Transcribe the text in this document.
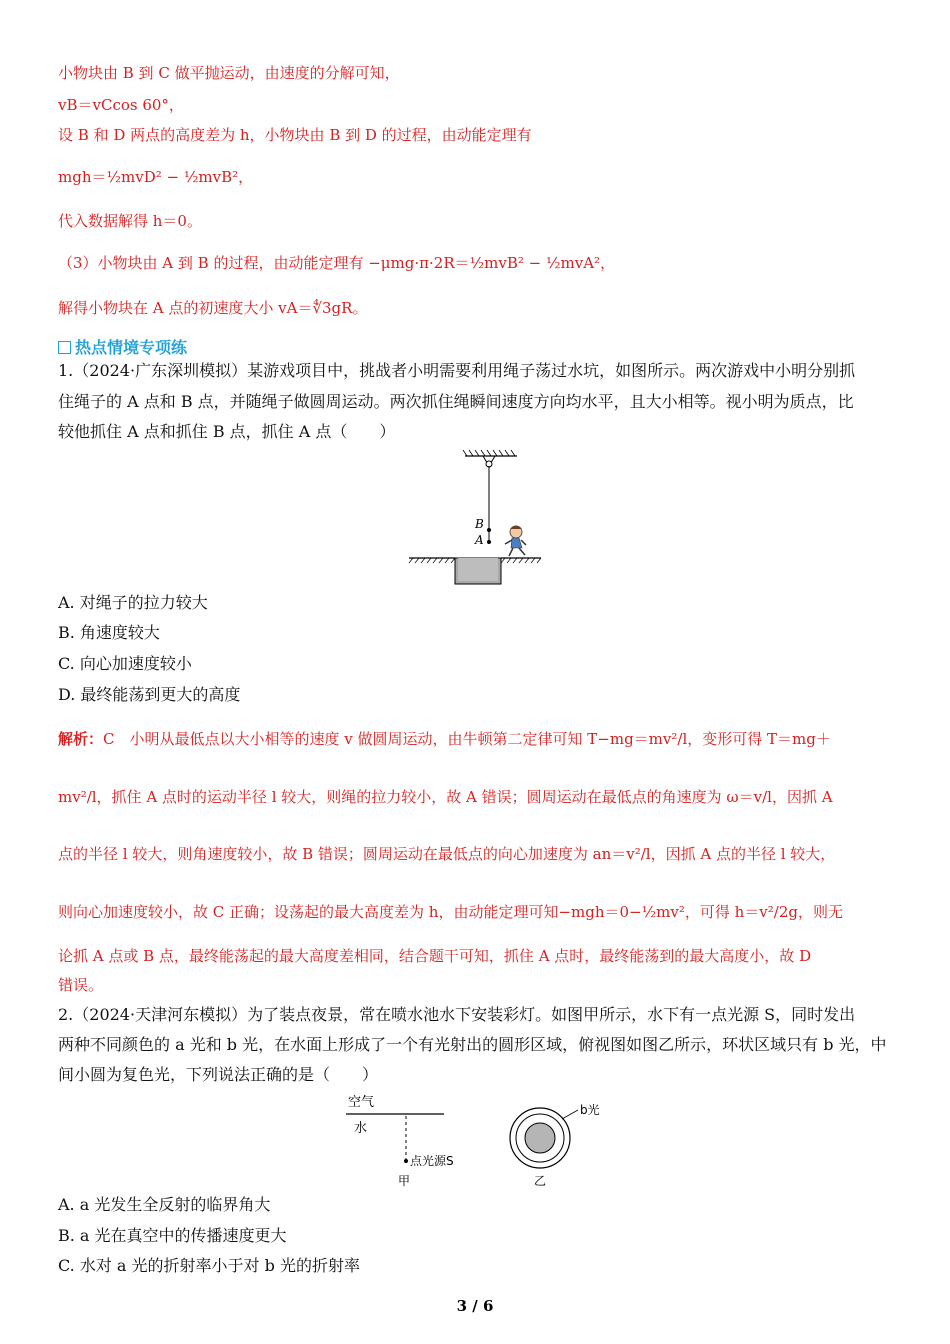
小物块由 B 到 C 做平抛运动，由速度的分解可知，
vB＝vCcos 60°，
设 B 和 D 两点的高度差为 h，小物块由 B 到 D 的过程，由动能定理有
mgh＝½mvD² − ½mvB²，
代入数据解得 h＝0。
（3）小物块由 A 到 B 的过程，由动能定理有 −μmg·π·2R＝½mvB² − ½mvA²，
解得小物块在 A 点的初速度大小 vA＝∜3gR。
热点情境专项练
1.（2024·广东深圳模拟）某游戏项目中，挑战者小明需要利用绳子荡过水坑，如图所示。两次游戏中小明分别抓
住绳子的 A 点和 B 点，并随绳子做圆周运动。两次抓住绳瞬间速度方向均水平，且大小相等。视小明为质点，比
较他抓住 A 点和抓住 B 点，抓住 A 点（　　）
B
A
A. 对绳子的拉力较大
B. 角速度较大
C. 向心加速度较小
D. 最终能荡到更大的高度
解析：C　小明从最低点以大小相等的速度 v 做圆周运动，由牛顿第二定律可知 T−mg＝mv²/l，变形可得 T＝mg＋
mv²/l，抓住 A 点时的运动半径 l 较大，则绳的拉力较小，故 A 错误；圆周运动在最低点的角速度为 ω＝v/l，因抓 A
点的半径 l 较大，则角速度较小，故 B 错误；圆周运动在最低点的向心加速度为 an＝v²/l，因抓 A 点的半径 l 较大，
则向心加速度较小，故 C 正确；设荡起的最大高度差为 h，由动能定理可知−mgh＝0−½mv²，可得 h＝v²/2g，则无
论抓 A 点或 B 点，最终能荡起的最大高度差相同，结合题干可知，抓住 A 点时，最终能荡到的最大高度小，故 D
错误。
2.（2024·天津河东模拟）为了装点夜景，常在喷水池水下安装彩灯。如图甲所示，水下有一点光源 S，同时发出
两种不同颜色的 a 光和 b 光，在水面上形成了一个有光射出的圆形区域，俯视图如图乙所示，环状区域只有 b 光，中
间小圆为复色光，下列说法正确的是（　　）
空气
水
点光源S
甲
b光
乙
A. a 光发生全反射的临界角大
B. a 光在真空中的传播速度更大
C. 水对 a 光的折射率小于对 b 光的折射率
3 / 6
